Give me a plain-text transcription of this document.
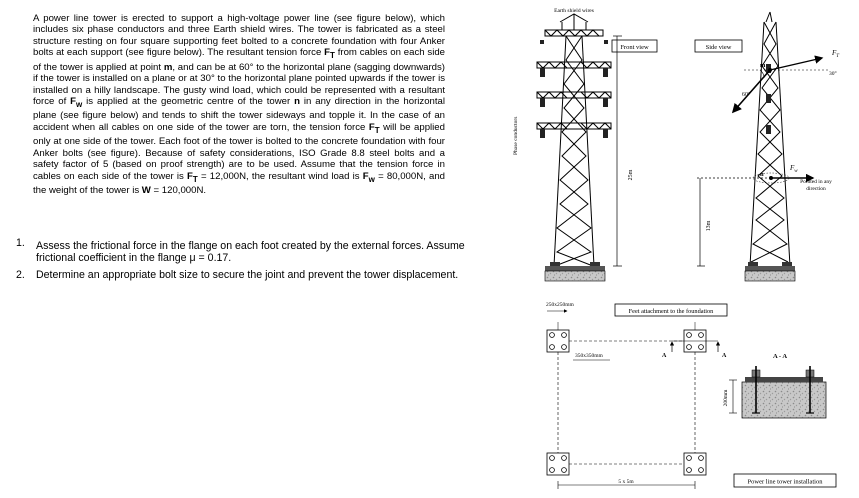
A power line tower is erected to support a high-voltage power line (see figure below), which includes six phase conductors and three Earth shield wires. The tower is fabricated as a steel structure resting on four square supporting feet bolted to a concrete foundation with four Anker bolts at each support (see figure below). The resultant tension force $F_T$ from cables on each side of the tower is applied at point m, and can be at 60° to the horizontal plane (sagging downwards) if the tower is installed on a plane or at 30° to the horizontal plane pointed upwards if the tower is installed on a hilly landscape. The gusty wind load, which could be represented with a resultant force of $F_w$ is applied at the geometric centre of the tower n in any direction in the horizontal plane (see figure below) and tends to shift the tower sideways and topple it. In the case of an accident when all cables on one side of the tower are torn, the tension force $F_T$ will be applied only at one side of the tower. Each foot of the tower is bolted to the concrete foundation with four Anker bolts (see figure). Because of safety considerations, ISO Grade 8.8 steel bolts and a safety factor of 5 (based on proof strength) are to be used. Assume that the tension force in cables on each side of the tower is $F_T = 12,000N$, the resultant wind load is $F_w = 80,000N$, and the weight of the tower is W = 120,000N.
1. Assess the frictional force in the flange on each foot created by the external forces. Assume frictional coefficient in the flange μ = 0.17.
2. Determine an appropriate bolt size to secure the joint and prevent the tower displacement.
Earth shield wires
Phase conductors
Front view
25m
Side view
m
60°
30°
$F_T$
n
$F_w$
Pointed in any
direction
13m
250x250mm
Feet attachment to the foundation
350x350mm	A	A
5 x 5m
A - A
200mm
Power line tower installation
